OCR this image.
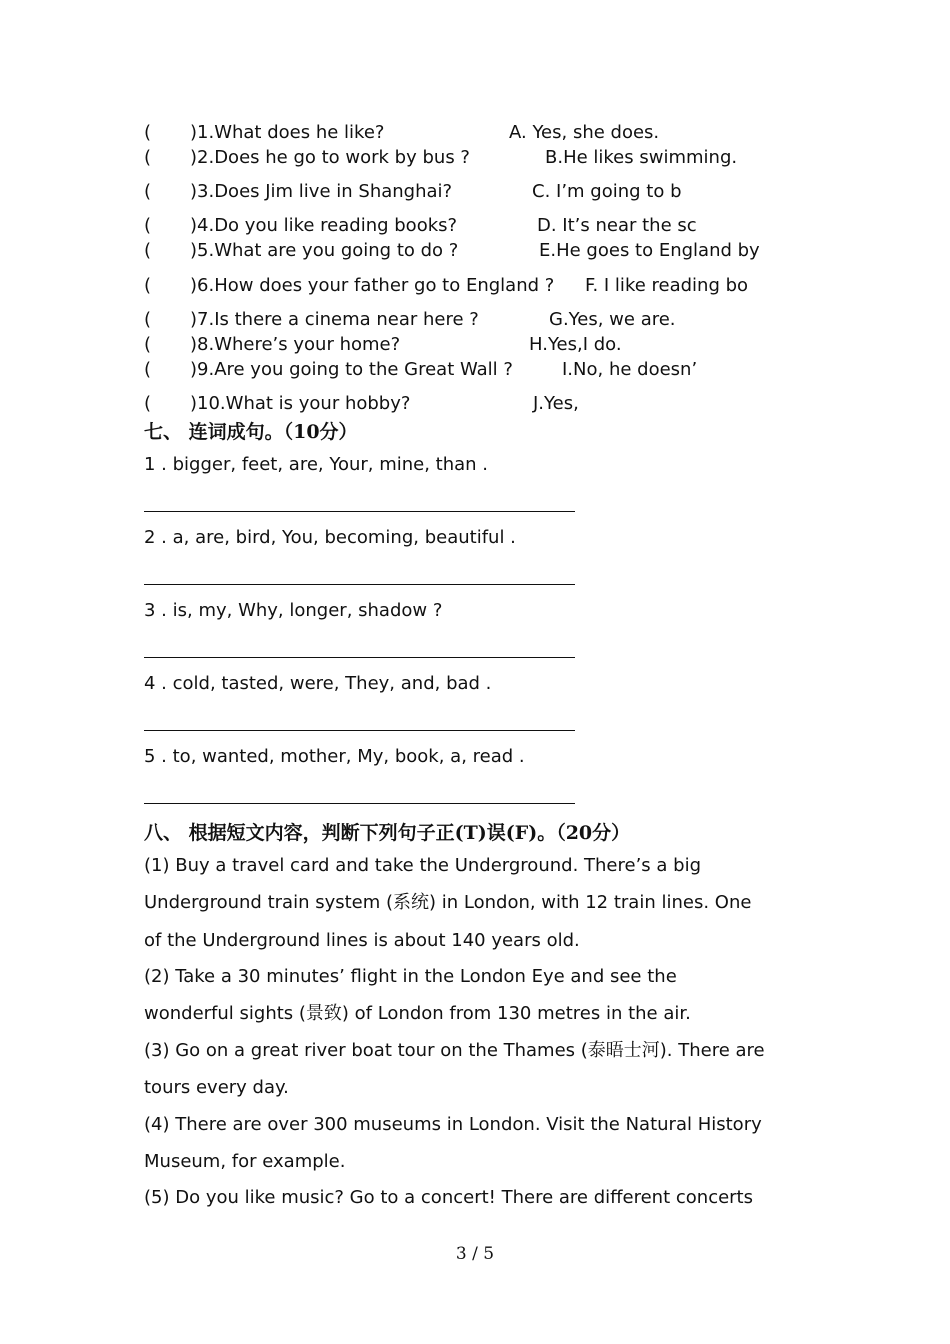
( )1.What does he like?	A. Yes, she does.
( )2.Does he go to work by bus ?	B.He likes swimming.
( )3.Does Jim live in Shanghai?	C. I’m going to b
( )4.Do you like reading books?	D. It’s near the sc
( )5.What are you going to do ?	E.He goes to England by
( )6.How does your father go to England ? F. I like reading bo
( )7.Is there a cinema near here ?	G.Yes, we are.
( )8.Where’s your home?	H.Yes,I do.
( )9.Are you going to the Great Wall ?	I.No, he doesn’
( )10.What is your hobby?	J.Yes,
七、 连词成句。（10分）
1 . bigger, feet, are, Your, mine, than .
2 . a, are, bird, You, becoming, beautiful .
3 . is, my, Why, longer, shadow ?
4 . cold, tasted, were, They, and, bad .
5 . to, wanted, mother, My, book, a, read .
八、 根据短文内容，判断下列句子正(T)误(F)。（20分）
(1) Buy a travel card and take the Underground. There’s a big
Underground train system (系统) in London, with 12 train lines. One
of the Underground lines is about 140 years old.
(2) Take a 30 minutes’ flight in the London Eye and see the
wonderful sights (景致) of London from 130 metres in the air.
(3) Go on a great river boat tour on the Thames (泰晤士河). There are
tours every day.
(4) There are over 300 museums in London. Visit the Natural History
Museum, for example.
(5) Do you like music? Go to a concert! There are different concerts
3 / 5
